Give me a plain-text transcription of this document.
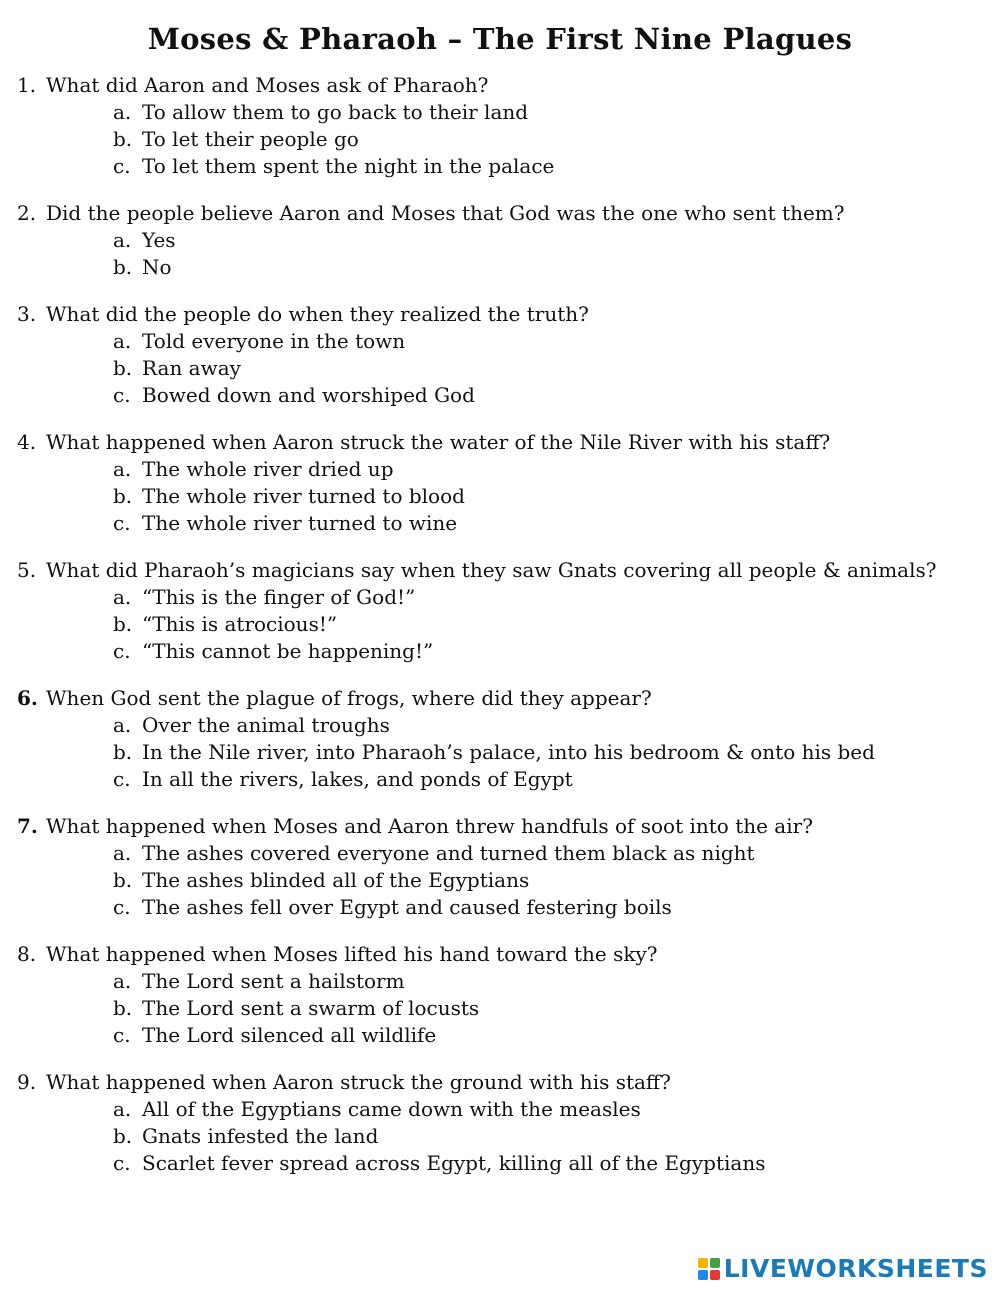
Moses & Pharaoh – The First Nine Plagues
1. What did Aaron and Moses ask of Pharaoh?
a. To allow them to go back to their land
b. To let their people go
c. To let them spent the night in the palace
2. Did the people believe Aaron and Moses that God was the one who sent them?
a. Yes
b. No
3. What did the people do when they realized the truth?
a. Told everyone in the town
b. Ran away
c. Bowed down and worshiped God
4. What happened when Aaron struck the water of the Nile River with his staff?
a. The whole river dried up
b. The whole river turned to blood
c. The whole river turned to wine
5. What did Pharaoh’s magicians say when they saw Gnats covering all people & animals?
a. “This is the finger of God!”
b. “This is atrocious!”
c. “This cannot be happening!”
6. When God sent the plague of frogs, where did they appear?
a. Over the animal troughs
b. In the Nile river, into Pharaoh’s palace, into his bedroom & onto his bed
c. In all the rivers, lakes, and ponds of Egypt
7. What happened when Moses and Aaron threw handfuls of soot into the air?
a. The ashes covered everyone and turned them black as night
b. The ashes blinded all of the Egyptians
c. The ashes fell over Egypt and caused festering boils
8. What happened when Moses lifted his hand toward the sky?
a. The Lord sent a hailstorm
b. The Lord sent a swarm of locusts
c. The Lord silenced all wildlife
9. What happened when Aaron struck the ground with his staff?
a. All of the Egyptians came down with the measles
b. Gnats infested the land
c. Scarlet fever spread across Egypt, killing all of the Egyptians
LIVEWORKSHEETS
